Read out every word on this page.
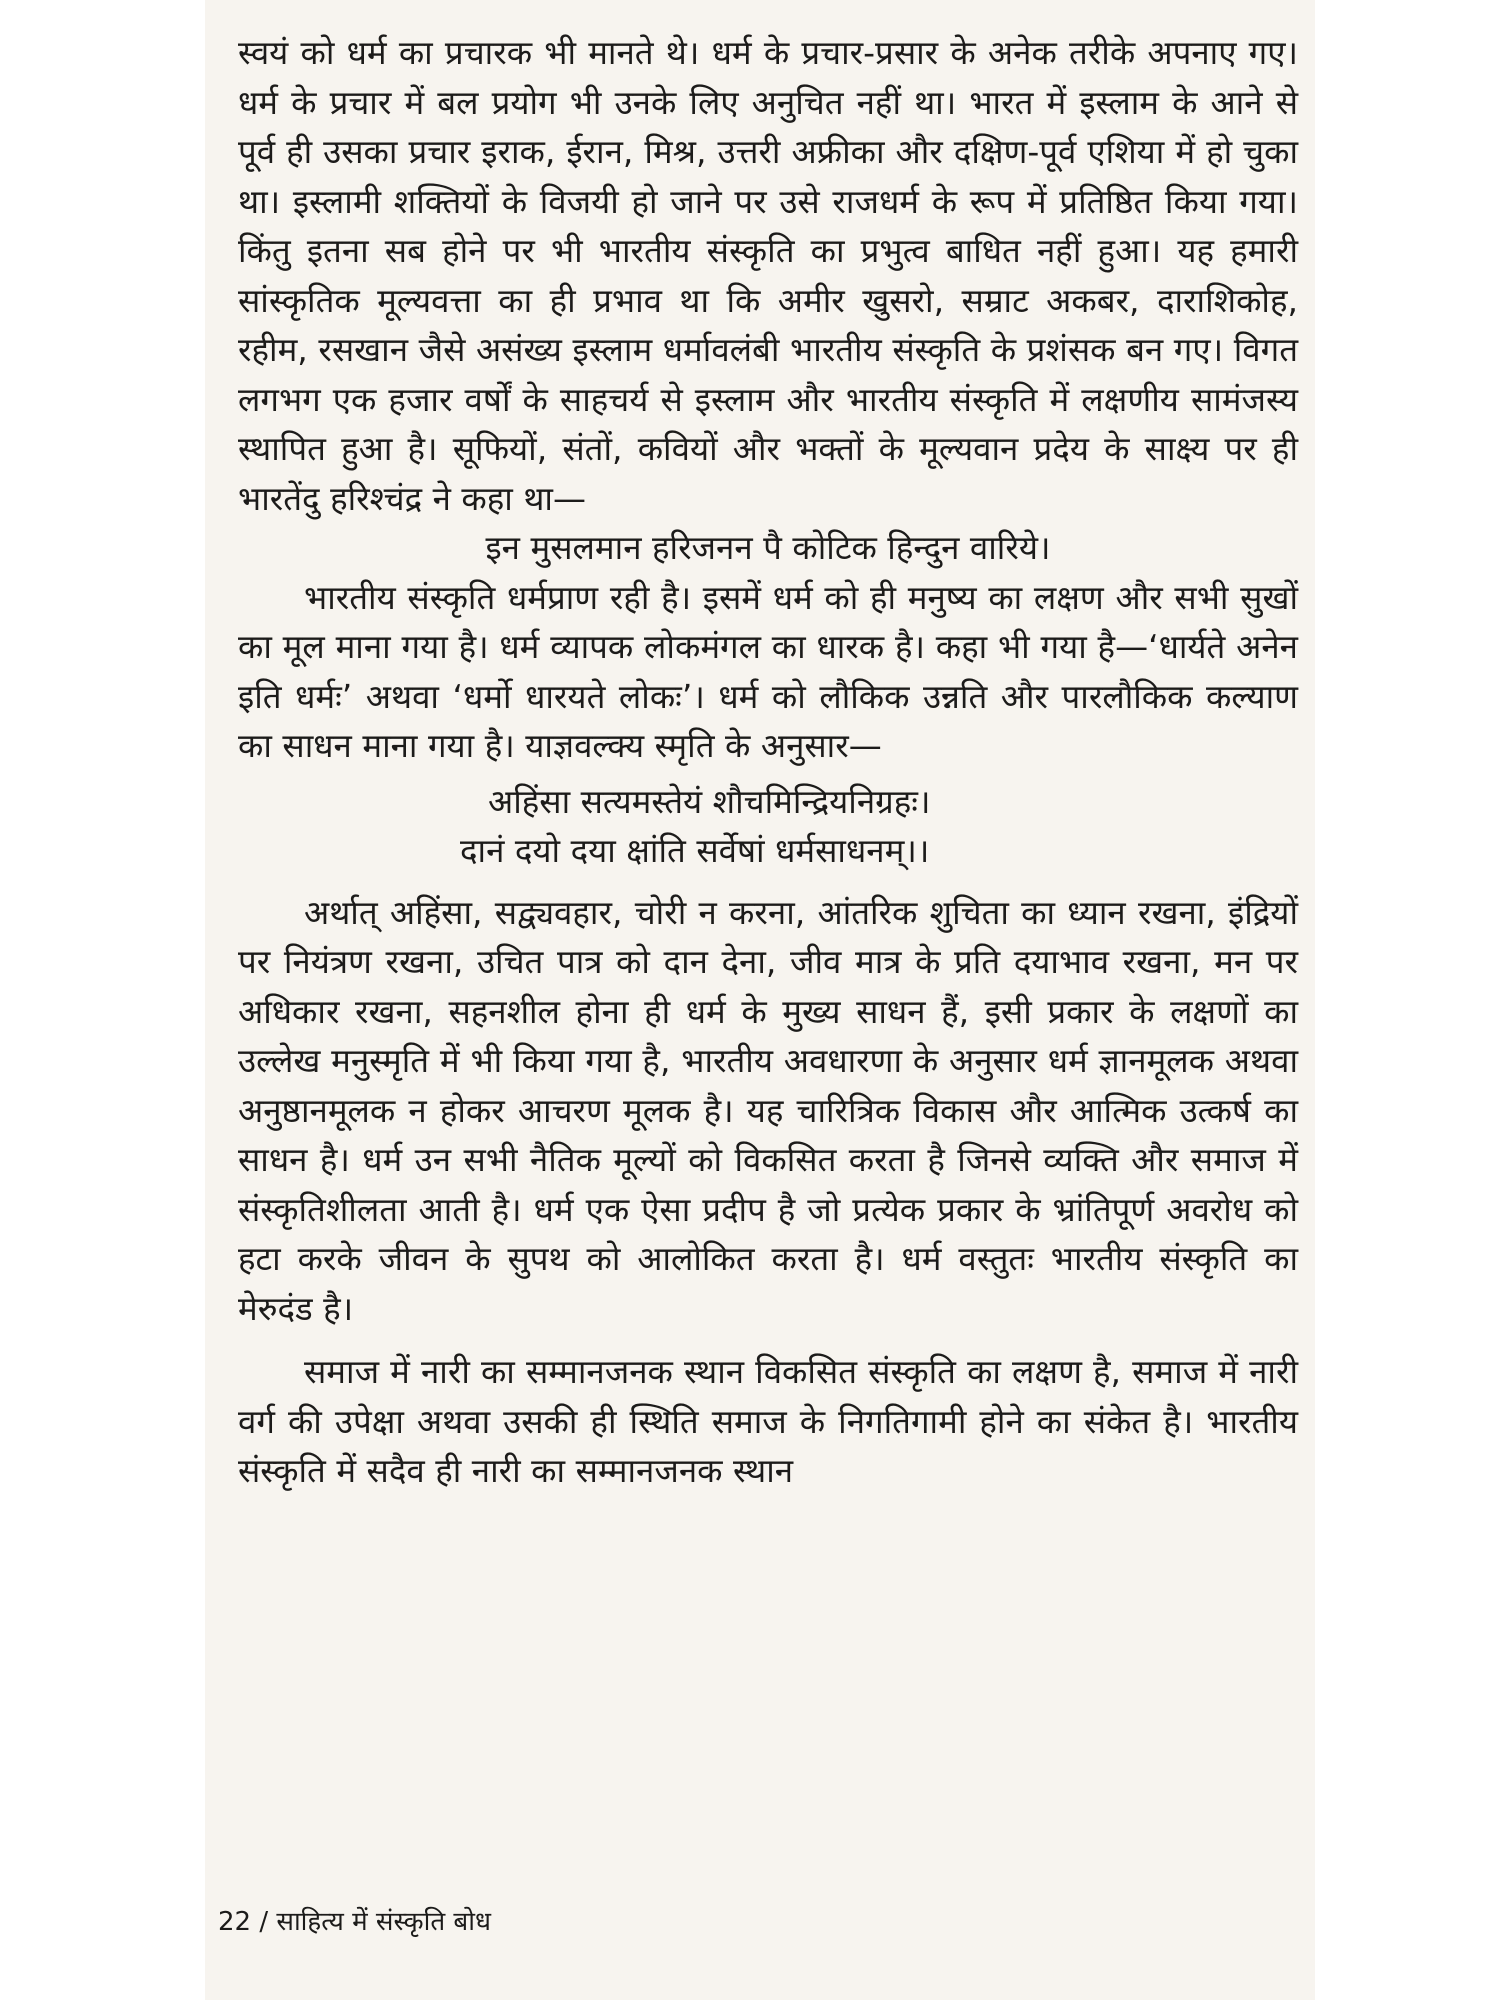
स्वयं को धर्म का प्रचारक भी मानते थे। धर्म के प्रचार-प्रसार के अनेक तरीके अपनाए गए। धर्म के प्रचार में बल प्रयोग भी उनके लिए अनुचित नहीं था। भारत में इस्लाम के आने से पूर्व ही उसका प्रचार इराक, ईरान, मिश्र, उत्तरी अफ्रीका और दक्षिण-पूर्व एशिया में हो चुका था। इस्लामी शक्तियों के विजयी हो जाने पर उसे राजधर्म के रूप में प्रतिष्ठित किया गया। किंतु इतना सब होने पर भी भारतीय संस्कृति का प्रभुत्व बाधित नहीं हुआ। यह हमारी सांस्कृतिक मूल्यवत्ता का ही प्रभाव था कि अमीर खुसरो, सम्राट अकबर, दाराशिकोह, रहीम, रसखान जैसे असंख्य इस्लाम धर्मावलंबी भारतीय संस्कृति के प्रशंसक बन गए। विगत लगभग एक हजार वर्षों के साहचर्य से इस्लाम और भारतीय संस्कृति में लक्षणीय सामंजस्य स्थापित हुआ है। सूफियों, संतों, कवियों और भक्तों के मूल्यवान प्रदेय के साक्ष्य पर ही भारतेंदु हरिश्चंद्र ने कहा था—

इन मुसलमान हरिजनन पै कोटिक हिन्दुन वारिये।

भारतीय संस्कृति धर्मप्राण रही है। इसमें धर्म को ही मनुष्य का लक्षण और सभी सुखों का मूल माना गया है। धर्म व्यापक लोकमंगल का धारक है। कहा भी गया है—‘धार्यते अनेन इति धर्मः’ अथवा ‘धर्मो धारयते लोकः’। धर्म को लौकिक उन्नति और पारलौकिक कल्याण का साधन माना गया है। याज्ञवल्क्य स्मृति के अनुसार—

अहिंसा सत्यमस्तेयं शौचमिन्द्रियनिग्रहः।

दानं दयो दया क्षांति सर्वेषां धर्मसाधनम्।।

अर्थात् अहिंसा, सद्व्यवहार, चोरी न करना, आंतरिक शुचिता का ध्यान रखना, इंद्रियों पर नियंत्रण रखना, उचित पात्र को दान देना, जीव मात्र के प्रति दयाभाव रखना, मन पर अधिकार रखना, सहनशील होना ही धर्म के मुख्य साधन हैं, इसी प्रकार के लक्षणों का उल्लेख मनुस्मृति में भी किया गया है, भारतीय अवधारणा के अनुसार धर्म ज्ञानमूलक अथवा अनुष्ठानमूलक न होकर आचरण मूलक है। यह चारित्रिक विकास और आत्मिक उत्कर्ष का साधन है। धर्म उन सभी नैतिक मूल्यों को विकसित करता है जिनसे व्यक्ति और समाज में संस्कृतिशीलता आती है। धर्म एक ऐसा प्रदीप है जो प्रत्येक प्रकार के भ्रांतिपूर्ण अवरोध को हटा करके जीवन के सुपथ को आलोकित करता है। धर्म वस्तुतः भारतीय संस्कृति का मेरुदंड है।

समाज में नारी का सम्मानजनक स्थान विकसित संस्कृति का लक्षण है, समाज में नारी वर्ग की उपेक्षा अथवा उसकी ही स्थिति समाज के निगतिगामी होने का संकेत है। भारतीय संस्कृति में सदैव ही नारी का सम्मानजनक स्थान

22 / साहित्य में संस्कृति बोध
